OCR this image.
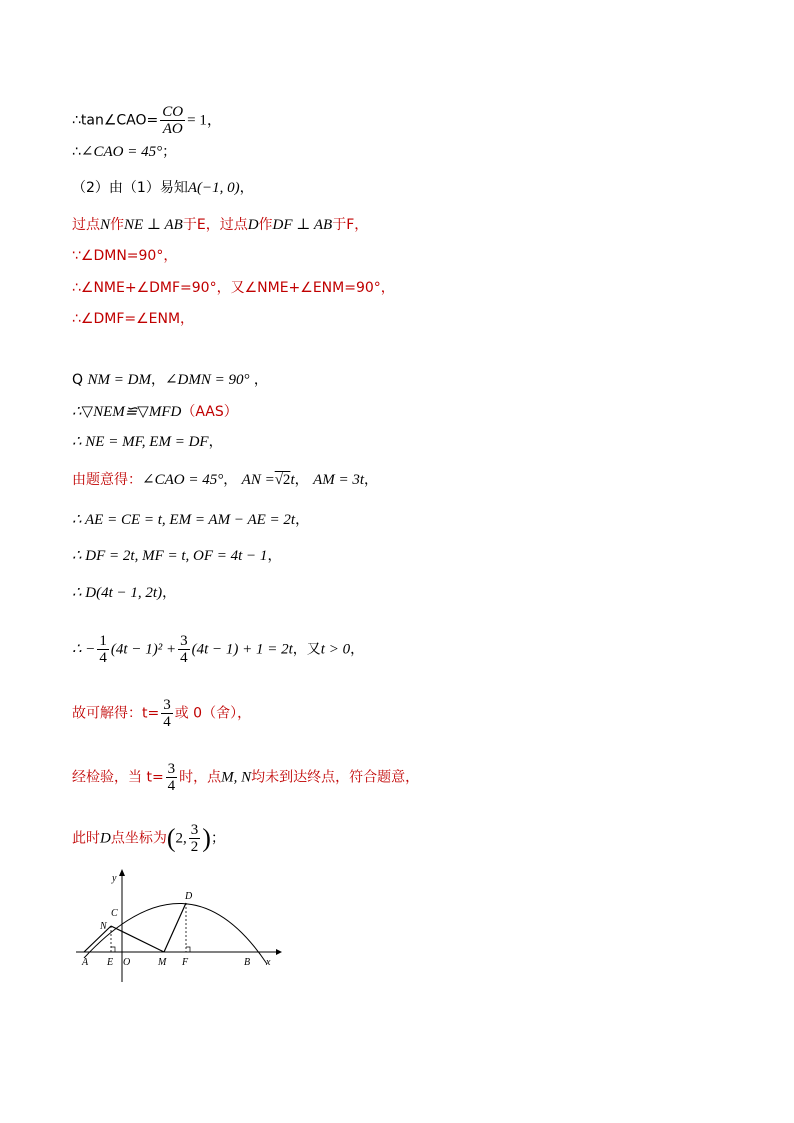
∴tan∠CAO= $\frac{CO}{AO} = 1$，
∴∠CAO = 45°；
（2）由（1）易知A(−1, 0)，
过点N作NE ⊥ AB于E，过点D作DF ⊥ AB于F，
∵∠DMN=90°，
∴∠NME+∠DMF=90°，又∠NME+∠ENM=90°，
∴∠DMF=∠ENM，
Q NM = DM，∠DMN = 90° ，
∴▽NEM≌▽MFD（AAS）
∴ NE = MF, EM = DF，
由题意得：∠CAO = 45°， AN =√2t， AM = 3t，
∴ AE = CE = t, EM = AM − AE = 2t，
∴ DF = 2t, MF = t, OF = 4t − 1，
∴ D(4t − 1, 2t)，
∴ − $\frac{1}{4} (4t - 1)^2 + \frac{3}{4} (4t - 1) + 1 = 2t$，又t > 0，
故可解得：$t= \frac{3}{4}$ 或 0（舍），
经检验，当 $t= \frac{3}{4}$ 时，点M, N均未到达终点，符合题意，
此时D点坐标为(2, $\frac{3}{2}$ )；
y
x
C
N
D
A E O	M F	B
